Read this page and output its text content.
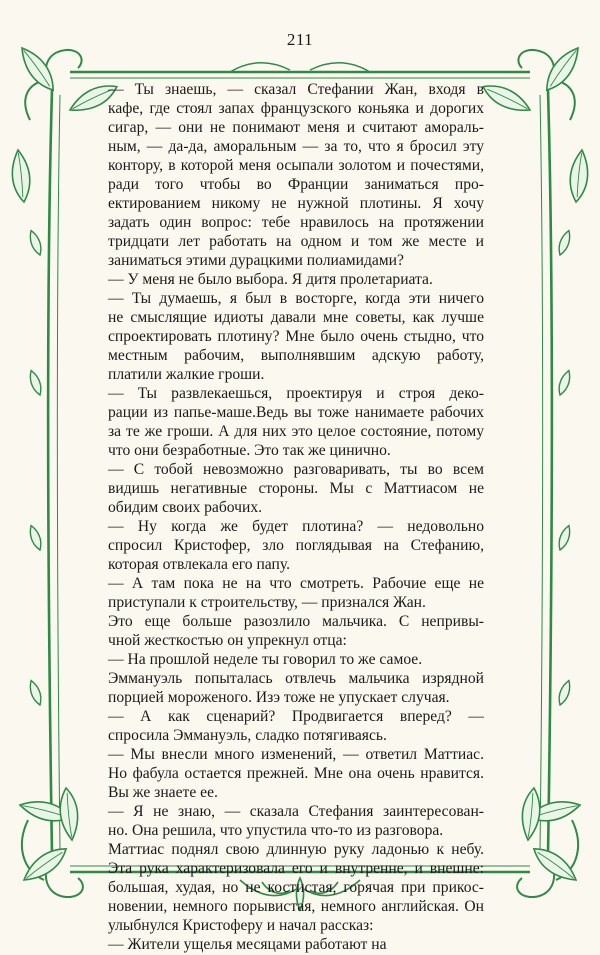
211
— Ты знаешь, — сказал Стефании Жан, входя в
кафе, где стоял запах французского коньяка и дорогих
сигар, — они не понимают меня и считают амораль-
ным, — да-да, аморальным — за то, что я бросил эту
контору, в которой меня осыпали золотом и почестями,
ради того чтобы во Франции заниматься про-
ектированием никому не нужной плотины. Я хочу
задать один вопрос: тебе нравилось на протяжении
тридцати лет работать на одном и том же месте и
заниматься этими дурацкими полиамидами?
— У меня не было выбора. Я дитя пролетариата.
— Ты думаешь, я был в восторге, когда эти ничего
не смыслящие идиоты давали мне советы, как лучше
спроектировать плотину? Мне было очень стыдно, что
местным рабочим, выполнявшим адскую работу,
платили жалкие гроши.
— Ты развлекаешься, проектируя и строя деко-
рации из папье-маше.Ведь вы тоже нанимаете рабочих
за те же гроши. А для них это целое состояние, потому
что они безработные. Это так же цинично.
— С тобой невозможно разговаривать, ты во всем
видишь негативные стороны. Мы с Маттиасом не
обидим своих рабочих.
— Ну когда же будет плотина? — недовольно
спросил Кристофер, зло поглядывая на Стефанию,
которая отвлекала его папу.
— А там пока не на что смотреть. Рабочие еще не
приступали к строительству, — признался Жан.
Это еще больше разозлило мальчика. С непривы-
чной жесткостью он упрекнул отца:
— На прошлой неделе ты говорил то же самое.
Эммануэль попыталась отвлечь мальчика изрядной
порцией мороженого. Изэ тоже не упускает случая.
— А как сценарий? Продвигается вперед? —
спросила Эммануэль, сладко потягиваясь.
— Мы внесли много изменений, — ответил Маттиас.
Но фабула остается прежней. Мне она очень нравится.
Вы же знаете ее.
— Я не знаю, — сказала Стефания заинтересован-
но. Она решила, что упустила что-то из разговора.
Маттиас поднял свою длинную руку ладонью к небу.
Эта рука характеризовала его и внутренне, и внешне:
большая, худая, но не костистая, горячая при прикос-
новении, немного порывистая, немного английская. Он
улыбнулся Кристоферу и начал рассказ:
— Жители ущелья месяцами работают на
